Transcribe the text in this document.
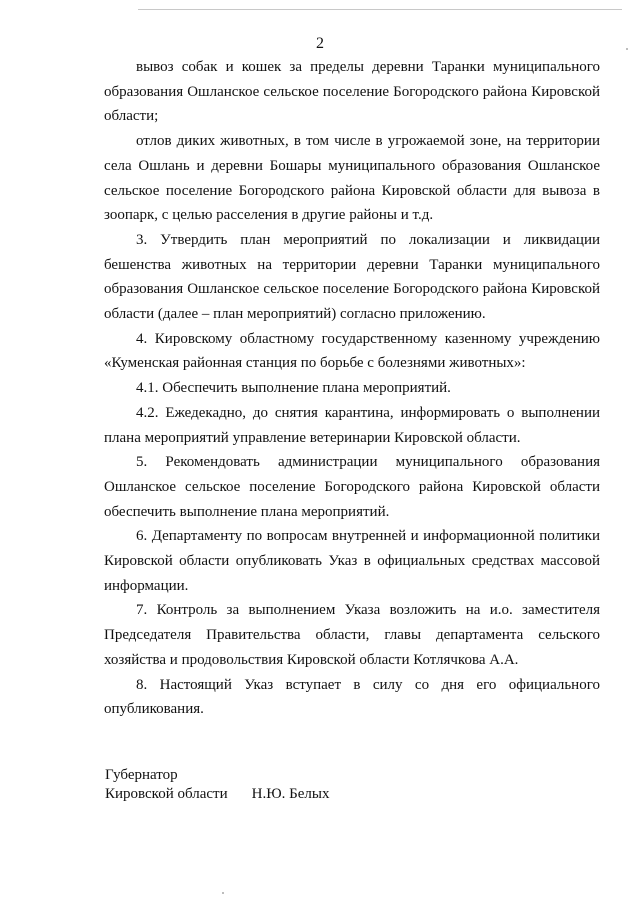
2

вывоз собак и кошек за пределы деревни Таранки муниципального образования Ошланское сельское поселение Богородского района Кировской области;

отлов диких животных, в том числе в угрожаемой зоне, на территории села Ошлань и деревни Бошары муниципального образования Ошланское сельское поселение Богородского района Кировской области для вывоза в зоопарк, с целью расселения в другие районы и т.д.

3. Утвердить план мероприятий по локализации и ликвидации бешенства животных на территории деревни Таранки муниципального образования Ошланское сельское поселение Богородского района Кировской области (далее – план мероприятий) согласно приложению.

4. Кировскому областному государственному казенному учреждению «Куменская районная станция по борьбе с болезнями животных»:

4.1. Обеспечить выполнение плана мероприятий.

4.2. Ежедекадно, до снятия карантина, информировать о выполнении плана мероприятий управление ветеринарии Кировской области.

5. Рекомендовать администрации муниципального образования Ошланское сельское поселение Богородского района Кировской области обеспечить выполнение плана мероприятий.

6. Департаменту по вопросам внутренней и информационной политики Кировской области опубликовать Указ в официальных средствах массовой информации.

7. Контроль за выполнением Указа возложить на и.о. заместителя Председателя Правительства области, главы департамента сельского хозяйства и продовольствия Кировской области Котлячкова А.А.

8. Настоящий Указ вступает в силу со дня его официального опубликования.

Губернатор
Кировской области Н.Ю. Белых
